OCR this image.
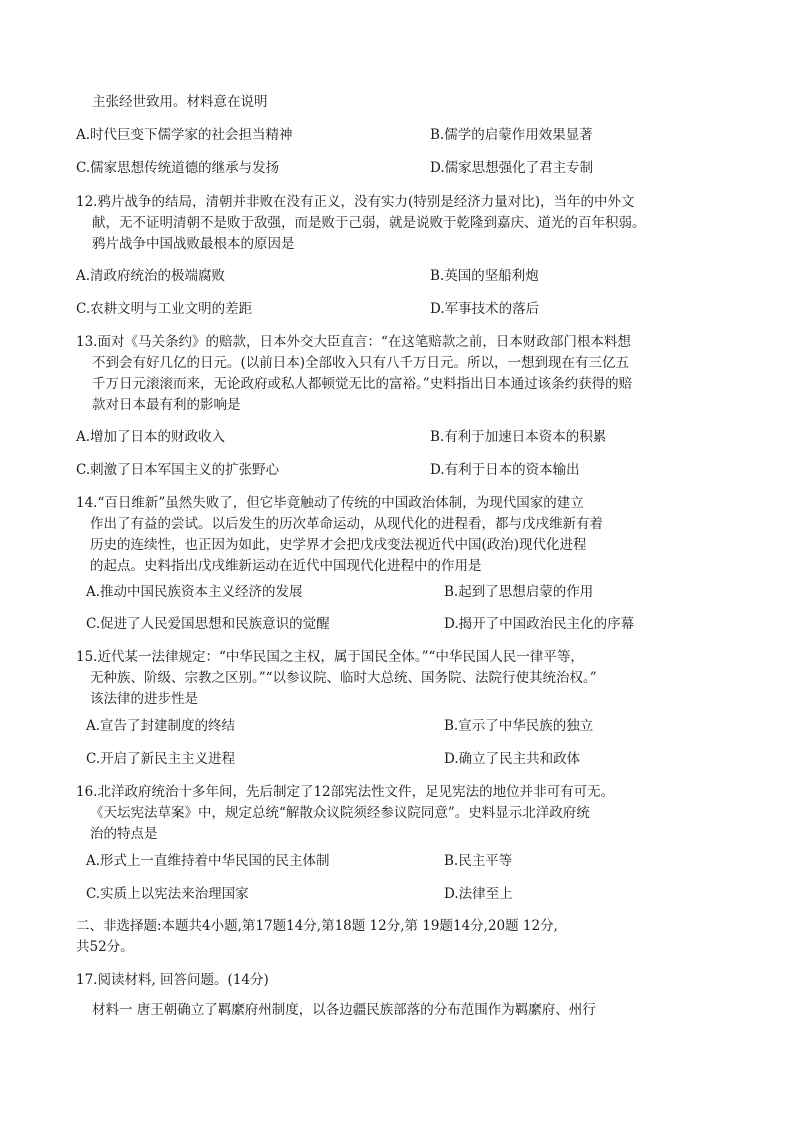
主张经世致用。材料意在说明
A.时代巨变下儒学家的社会担当精神	B.儒学的启蒙作用效果显著
C.儒家思想传统道德的继承与发扬	D.儒家思想强化了君主专制
12.鸦片战争的结局，清朝并非败在没有正义，没有实力(特别是经济力量对比)，当年的中外文
献，无不证明清朝不是败于敌强，而是败于己弱，就是说败于乾隆到嘉庆、道光的百年积弱。
鸦片战争中国战败最根本的原因是
A.清政府统治的极端腐败	B.英国的坚船利炮
C.农耕文明与工业文明的差距	D.军事技术的落后
13.面对《马关条约》的赔款，日本外交大臣直言：“在这笔赔款之前，日本财政部门根本料想
不到会有好几亿的日元。(以前日本)全部收入只有八千万日元。所以，一想到现在有三亿五
千万日元滚滚而来，无论政府或私人都顿觉无比的富裕。”史料指出日本通过该条约获得的赔
款对日本最有利的影响是
A.增加了日本的财政收入	B.有利于加速日本资本的积累
C.刺激了日本军国主义的扩张野心	D.有利于日本的资本输出
14.“百日维新”虽然失败了，但它毕竟触动了传统的中国政治体制，为现代国家的建立
作出了有益的尝试。以后发生的历次革命运动，从现代化的进程看，都与戊戌维新有着
历史的连续性，也正因为如此，史学界才会把戊戌变法视近代中国(政治)现代化进程
的起点。史料指出戊戌维新运动在近代中国现代化进程中的作用是
A.推动中国民族资本主义经济的发展	B.起到了思想启蒙的作用
C.促进了人民爱国思想和民族意识的觉醒	D.揭开了中国政治民主化的序幕
15.近代某一法律规定：“中华民国之主权，属于国民全体。”“中华民国人民一律平等，
无种族、阶级、宗教之区别。”“以参议院、临时大总统、国务院、法院行使其统治权。”
该法律的进步性是
A.宣告了封建制度的终结	B.宣示了中华民族的独立
C.开启了新民主主义进程	D.确立了民主共和政体
16.北洋政府统治十多年间，先后制定了12部宪法性文件，足见宪法的地位并非可有可无。
《天坛宪法草案》中，规定总统“解散众议院须经参议院同意”。史料显示北洋政府统
治的特点是
A.形式上一直维持着中华民国的民主体制	B.民主平等
C.实质上以宪法来治理国家	D.法律至上
二、非选择题:本题共4小题,第17题14分,第18题 12分,第 19题14分,20题 12分,
共52分。
17.阅读材料, 回答问题。(14分)
材料一 唐王朝确立了羁縻府州制度，以各边疆民族部落的分布范围作为羁縻府、州行
